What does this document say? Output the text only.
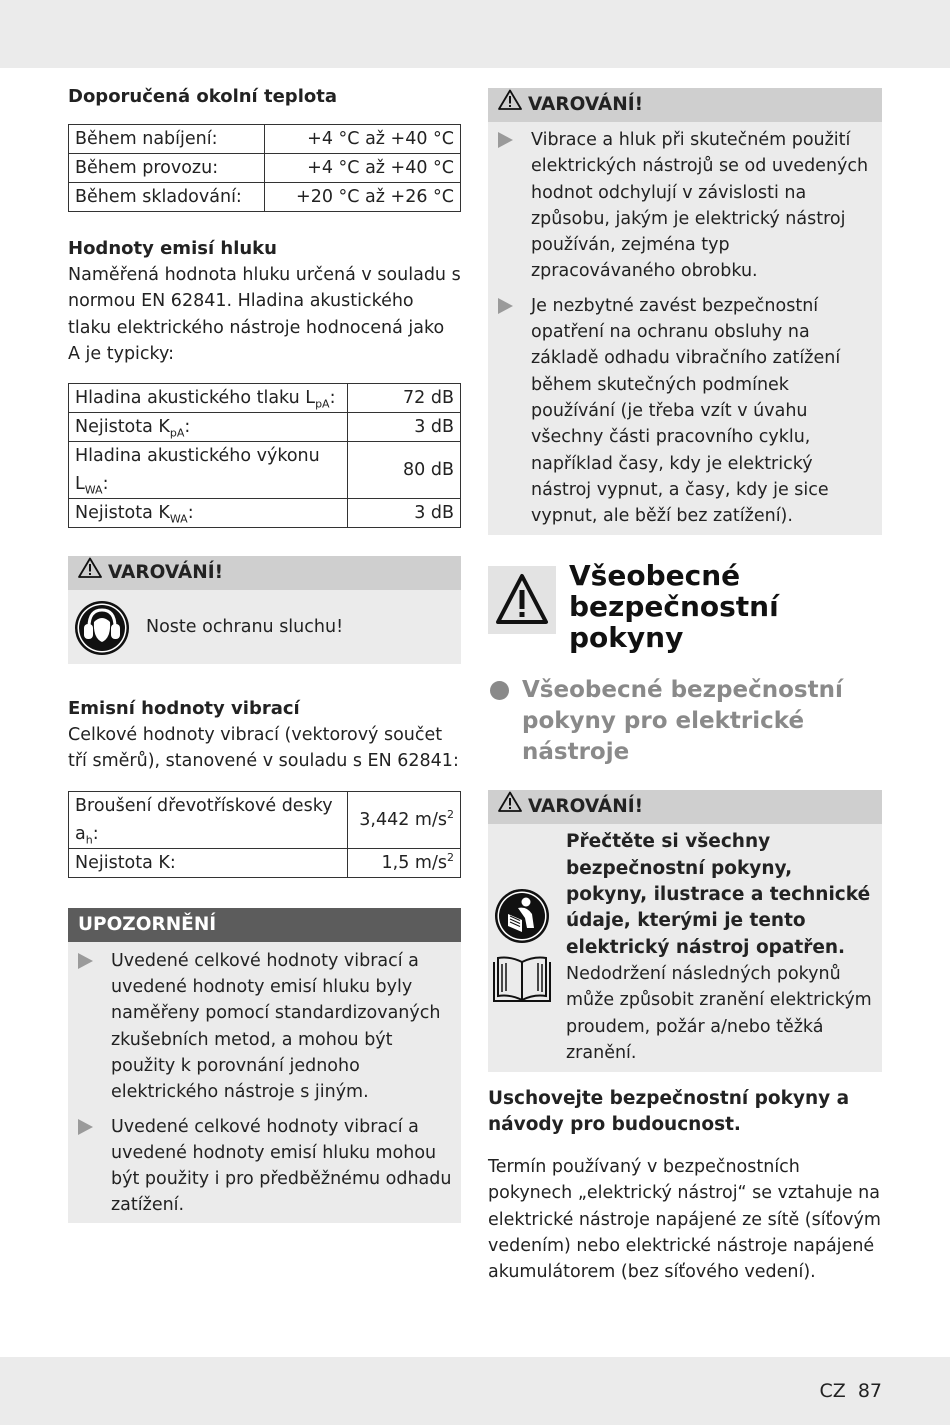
Doporučená okolní teplota
Během nabíjení:	+4 °C až +40 °C
Během provozu:	+4 °C až +40 °C
Během skladování:	+20 °C až +26 °C
Hodnoty emisí hluku

Naměřená hodnota hluku určená v souladu s normou EN 62841. Hladina akustického tlaku elektrického nástroje hodnocená jako A je typicky:

Hladina akustického tlaku $L_{pA}$:	72 dB
Nejistota $K_{pA}$:	3 dB
Hladina akustického výkonu $L_{WA}$:	80 dB
Nejistota $K_{WA}$:	3 dB
VAROVÁNÍ!

Noste ochranu sluchu!

Emisní hodnoty vibrací

Celkové hodnoty vibrací (vektorový součet tří směrů), stanovené v souladu s EN 62841:

Broušení dřevotřískové desky $a_h$:	3,442 $m/s^2$
Nejistota K:	1,5 $m/s^2$
UPOZORNĚNÍ

Uvedené celkové hodnoty vibrací a uvedené hodnoty emisí hluku byly naměřeny pomocí standardizovaných zkušebních metod, a mohou být použity k porovnání jednoho elektrického nástroje s jiným.

Uvedené celkové hodnoty vibrací a uvedené hodnoty emisí hluku mohou být použity i pro předběžnému odhadu zatížení.

VAROVÁNÍ!

Vibrace a hluk při skutečném použití elektrických nástrojů se od uvedených hodnot odchylují v závislosti na způsobu, jakým je elektrický nástroj používán, zejména typ zpracovávaného obrobku.

Je nezbytné zavést bezpečnostní opatření na ochranu obsluhy na základě odhadu vibračního zatížení během skutečných podmínek používání (je třeba vzít v úvahu všechny části pracovního cyklu, například časy, kdy je elektrický nástroj vypnut, a časy, kdy je sice vypnut, ale běží bez zatížení).

Všeobecné bezpečnostní pokyny
Všeobecné bezpečnostní pokyny pro elektrické nástroje
VAROVÁNÍ!

Přečtěte si všechny bezpečnostní pokyny, pokyny, ilustrace a technické údaje, kterými je tento elektrický nástroj opatřen.

Nedodržení následných pokynů může způsobit zranění elektrickým proudem, požár a/nebo těžká zranění.

Uschovejte bezpečnostní pokyny a návody pro budoucnost.

Termín používaný v bezpečnostních pokynech „elektrický nástroj“ se vztahuje na elektrické nástroje napájené ze sítě (síťovým vedením) nebo elektrické nástroje napájené akumulátorem (bez síťového vedení).

CZ 87
